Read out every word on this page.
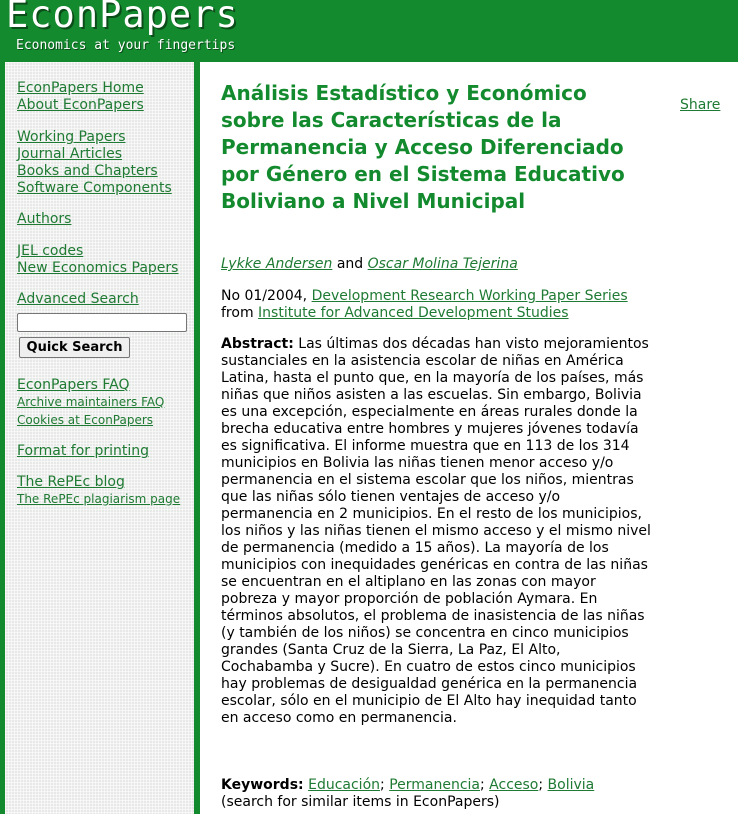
EconPapers
Economics at your fingertips
EconPapers Home
About EconPapers
Working Papers
Journal Articles
Books and Chapters
Software Components
Authors
JEL codes
New Economics Papers
Advanced Search
Quick Search
EconPapers FAQ
Archive maintainers FAQ
Cookies at EconPapers
Format for printing
The RePEc blog
The RePEc plagiarism page
Análisis Estadístico y Económico sobre las Características de la Permanencia y Acceso Diferenciado por Género en el Sistema Educativo Boliviano a Nivel Municipal
Share
Lykke Andersen and Oscar Molina Tejerina
No 01/2004, Development Research Working Paper Series from Institute for Advanced Development Studies

Abstract: Las últimas dos décadas han visto mejoramientos sustanciales en la asistencia escolar de niñas en América Latina, hasta el punto que, en la mayoría de los países, más niñas que niños asisten a las escuelas. Sin embargo, Bolivia es una excepción, especialmente en áreas rurales donde la brecha educativa entre hombres y mujeres jóvenes todavía es significativa. El informe muestra que en 113 de los 314 municipios en Bolivia las niñas tienen menor acceso y/o permanencia en el sistema escolar que los niños, mientras que las niñas sólo tienen ventajes de acceso y/o permanencia en 2 municipios. En el resto de los municipios, los niños y las niñas tienen el mismo acceso y el mismo nivel de permanencia (medido a 15 años). La mayoría de los municipios con inequidades genéricas en contra de las niñas se encuentran en el altiplano en las zonas con mayor pobreza y mayor proporción de población Aymara. En términos absolutos, el problema de inasistencia de las niñas (y también de los niños) se concentra en cinco municipios grandes (Santa Cruz de la Sierra, La Paz, El Alto, Cochabamba y Sucre). En cuatro de estos cinco municipios hay problemas de desigualdad genérica en la permanencia escolar, sólo en el municipio de El Alto hay inequidad tanto en acceso como en permanencia.

Keywords: Educación; Permanencia; Acceso; Bolivia
(search for similar items in EconPapers)
